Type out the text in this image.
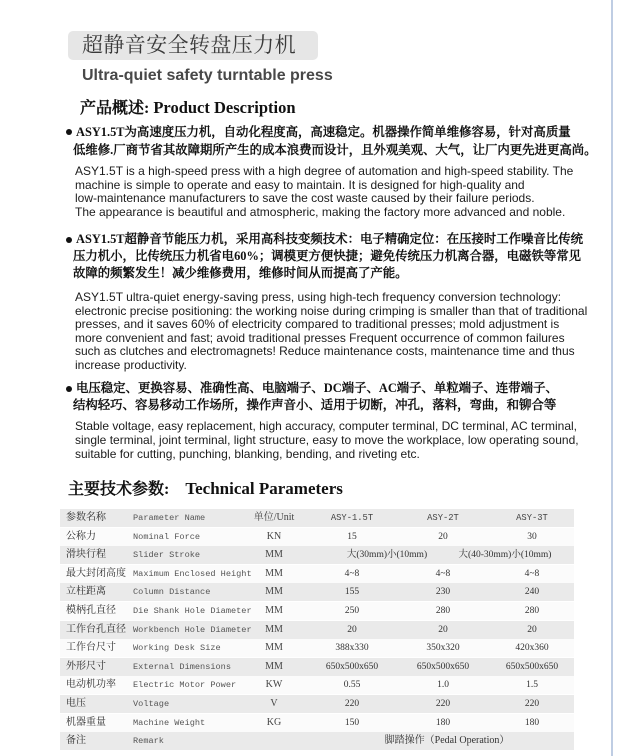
超静音安全转盘压力机
Ultra-quiet safety turntable press
产品概述: Product Description
ASY1.5T为高速度压力机，自动化程度高，高速稳定。机器操作简单维修容易，针对高质量
低维修.厂商节省其故障期所产生的成本浪费而设计，且外观美观、大气，让厂内更先进更高尚。
ASY1.5T is a high-speed press with a high degree of automation and high-speed stability. The
machine is simple to operate and easy to maintain. It is designed for high-quality and
low-maintenance manufacturers to save the cost waste caused by their failure periods.
The appearance is beautiful and atmospheric, making the factory more advanced and noble.
ASY1.5T超静音节能压力机，采用高科技变频技术：电子精确定位：在压接时工作噪音比传统
压力机小，比传统压力机省电60%；调模更方便快捷；避免传统压力机离合器，电磁铁等常见
故障的频繁发生！减少维修费用，维修时间从而提高了产能。
ASY1.5T ultra-quiet energy-saving press, using high-tech frequency conversion technology:
electronic precise positioning: the working noise during crimping is smaller than that of traditional
presses, and it saves 60% of electricity compared to traditional presses; mold adjustment is
more convenient and fast; avoid traditional presses Frequent occurrence of common failures
such as clutches and electromagnets! Reduce maintenance costs, maintenance time and thus
increase productivity.
电压稳定、更换容易、准确性高、电脑端子、DC端子、AC端子、单粒端子、连带端子、
结构轻巧、容易移动工作场所，操作声音小、适用于切断，冲孔，落料，弯曲，和铆合等
Stable voltage, easy replacement, high accuracy, computer terminal, DC terminal, AC terminal,
single terminal, joint terminal, light structure, easy to move the workplace, low operating sound,
suitable for cutting, punching, blanking, bending, and riveting etc.
主要技术参数: Technical Parameters
参数名称	Parameter Name	单位/Unit	ASY-1.5T	ASY-2T	ASY-3T
公称力	Nominal Force	KN	15	20	30
滑块行程	Slider Stroke	MM	大(30mm)小(10mm)	大(40-30mm)小(10mm)
最大封闭高度 Maximum Enclosed Height	MM	4~8	4~8	4~8
立柱距离	Column Distance	MM	155	230	240
模柄孔直径	Die Shank Hole Diameter	MM	250	280	280
工作台孔直径 Workbench Hole Diameter	MM	20	20	20
工作台尺寸	Working Desk Size	MM	388x330	350x320	420x360
外形尺寸	External Dimensions	MM	650x500x650	650x500x650	650x500x650
电动机功率	Electric Motor Power	KW	0.55	1.0	1.5
电压	Voltage	V	220	220	220
机器重量	Machine Weight	KG	150	180	180
备注	Remark	脚踏操作（Pedal Operation）
